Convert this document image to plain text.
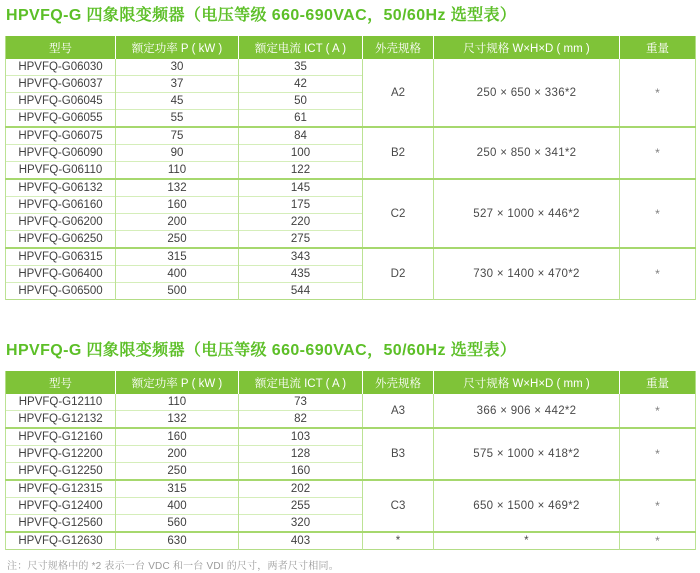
HPVFQ-G 四象限变频器（电压等级 660-690VAC，50/60Hz 选型表）
型号	额定功率 P ( kW )	额定电流 ICT ( A )	外壳规格	尺寸规格 W×H×D ( mm )	重量
HPVFQ-G06030	30	35	A2	250 × 650 × 336*2	*
HPVFQ-G06037	37	42			
HPVFQ-G06045	45	50			
HPVFQ-G06055	55	61			
HPVFQ-G06075	75	84	B2	250 × 850 × 341*2	*
HPVFQ-G06090	90	100			
HPVFQ-G06110	110	122			
HPVFQ-G06132	132	145	C2	527 × 1000 × 446*2	*
HPVFQ-G06160	160	175			
HPVFQ-G06200	200	220			
HPVFQ-G06250	250	275			
HPVFQ-G06315	315	343	D2	730 × 1400 × 470*2	*
HPVFQ-G06400	400	435			
HPVFQ-G06500	500	544			
HPVFQ-G 四象限变频器（电压等级 660-690VAC，50/60Hz 选型表）
型号	额定功率 P ( kW )	额定电流 ICT ( A )	外壳规格	尺寸规格 W×H×D ( mm )	重量
HPVFQ-G12110	110	73	A3	366 × 906 × 442*2	*
HPVFQ-G12132	132	82			
HPVFQ-G12160	160	103	B3	575 × 1000 × 418*2	*
HPVFQ-G12200	200	128			
HPVFQ-G12250	250	160			
HPVFQ-G12315	315	202	C3	650 × 1500 × 469*2	*
HPVFQ-G12400	400	255			
HPVFQ-G12560	560	320			
HPVFQ-G12630	630	403	*	*	*

注：尺寸规格中的 *2 表示一台 VDC 和一台 VDI 的尺寸，两者尺寸相同。
